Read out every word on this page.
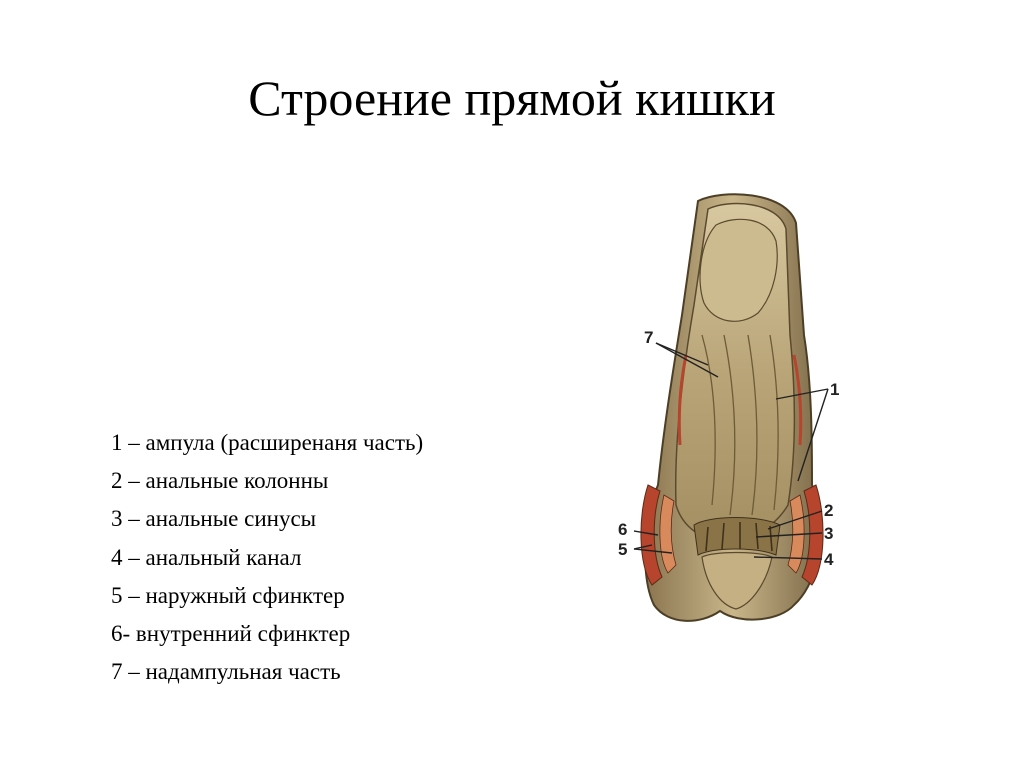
Строение прямой кишки
1 – ампула (расширенаня часть)
2 – анальные колонны
3 – анальные синусы
4 – анальный канал
5 – наружный сфинктер
6- внутренний сфинктер
7 – надампульная часть
7
1
2
3
4
6
5
